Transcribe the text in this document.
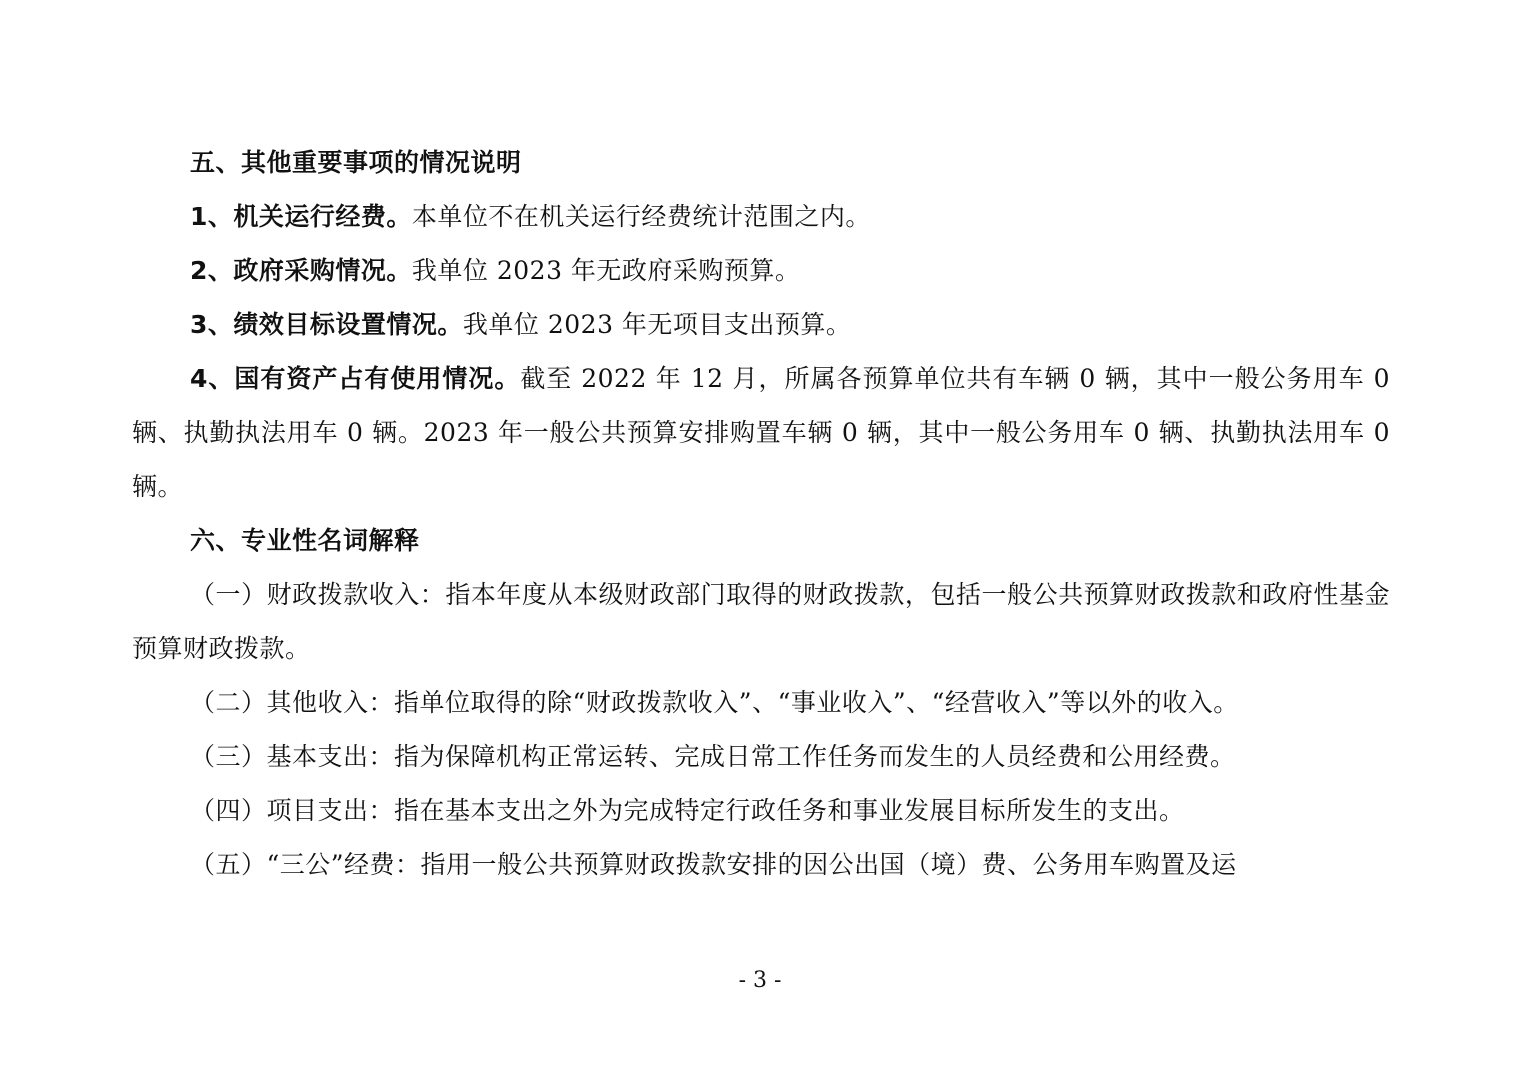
五、其他重要事项的情况说明

1、机关运行经费。本单位不在机关运行经费统计范围之内。

2、政府采购情况。我单位 2023 年无政府采购预算。

3、绩效目标设置情况。我单位 2023 年无项目支出预算。

4、国有资产占有使用情况。截至 2022 年 12 月，所属各预算单位共有车辆 0 辆，其中一般公务用车 0 辆、执勤执法用车 0 辆。2023 年一般公共预算安排购置车辆 0 辆，其中一般公务用车 0 辆、执勤执法用车 0 辆。

六、专业性名词解释

（一）财政拨款收入：指本年度从本级财政部门取得的财政拨款，包括一般公共预算财政拨款和政府性基金预算财政拨款。

（二）其他收入：指单位取得的除“财政拨款收入”、“事业收入”、“经营收入”等以外的收入。

（三）基本支出：指为保障机构正常运转、完成日常工作任务而发生的人员经费和公用经费。

（四）项目支出：指在基本支出之外为完成特定行政任务和事业发展目标所发生的支出。

（五）“三公”经费：指用一般公共预算财政拨款安排的因公出国（境）费、公务用车购置及运

- 3 -
